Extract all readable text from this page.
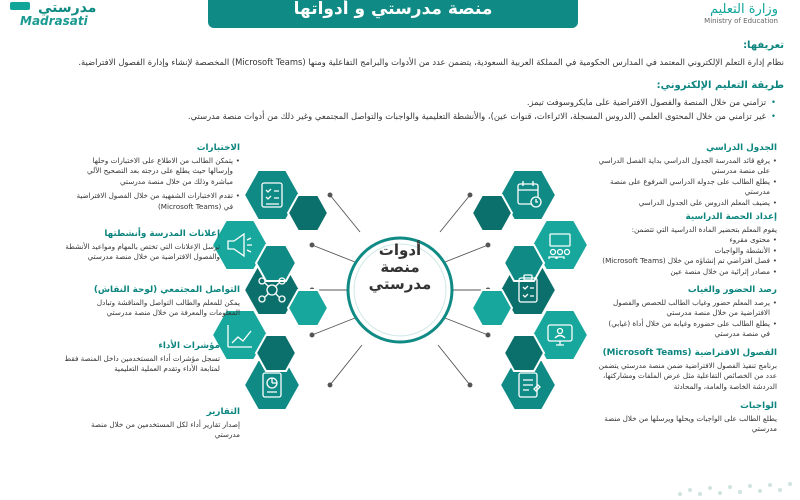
مدرستي
Madrasati
منصة مدرستي و أدواتها	وزارة التعليم
Ministry of Education
تعريفها:
نظام إدارة التعلم الإلكتروني المعتمد في المدارس الحكومية في المملكة العربية السعودية، يتضمن عدد من الأدوات والبرامج التفاعلية ومنها (Microsoft Teams) المخصصة لإنشاء وإدارة الفصول الافتراضية.
طريقة التعليم الإلكتروني:
• تزامني من خلال المنصة والفصول الافتراضية على مايكروسوفت تيمز.
• غير تزامني من خلال المحتوى العلمي (الدروس المسجلة، الاثراءات، قنوات عين)، والأنشطة التعليمية والواجبات والتواصل المجتمعي وغير ذلك من أدوات منصة مدرستي.
أدوات
منصة
مدرستي
الاختبارات
• يتمكن الطالب من الاطلاع على الاختبارات وحلها وإرسالها حيث يطلع على درجته بعد التصحيح الآلي مباشرة وذلك من خلال منصة مدرستي
• تقدم الاختبارات الشفهية من خلال الفصول الافتراضية في (Microsoft Teams)
إعلانات المدرسة وأنشطتها
ترسل الإعلانات التي تختص بالمهام ومواعيد الأنشطة والفصول الافتراضية من خلال منصة مدرستي
التواصل المجتمعي (لوحة النقاش)
يمكن للمعلم والطالب التواصل والمناقشة وتبادل المعلومات والمعرفة من خلال منصة مدرستي
مؤشرات الأداء
تسجل مؤشرات أداء المستخدمين داخل المنصة فقط لمتابعة الأداء وتقدم العملية التعليمية
التقارير
إصدار تقارير أداء لكل المستخدمين من خلال منصة مدرستي
الجدول الدراسي
• يرفع قائد المدرسة الجدول الدراسي بداية الفصل الدراسي على منصة مدرستي
• يطلع الطالب على جدوله الدراسي المرفوع على منصة مدرستي
• يضيف المعلم الدروس على الجدول الدراسي
إعداد الحصة الدراسية
يقوم المعلم بتحضير المادة الدراسية التي تتضمن:
• محتوى مقروء
• الأنشطة والواجبات
• فصل افتراضي تم إنشاؤه من خلال (Microsoft Teams)
• مصادر إثرائية من خلال منصة عين
رصد الحضور والغياب
• يرصد المعلم حضور وغياب الطالب للحصص والفصول الافتراضية من خلال منصة مدرستي
• يطلع الطالب على حضوره وغيابه من خلال أداة (غيابي) في منصة مدرستي
الفصول الافتراضية (Microsoft Teams)
برنامج تنفيذ الفصول الافتراضية ضمن منصة مدرستي يتضمن عدد من الخصائص التفاعلية مثل عرض الملفات ومشاركتها، الدردشة الخاصة والعامة، والمحادثة
الواجبات
يطلع الطالب على الواجبات ويحلها ويرسلها من خلال منصة مدرستي
